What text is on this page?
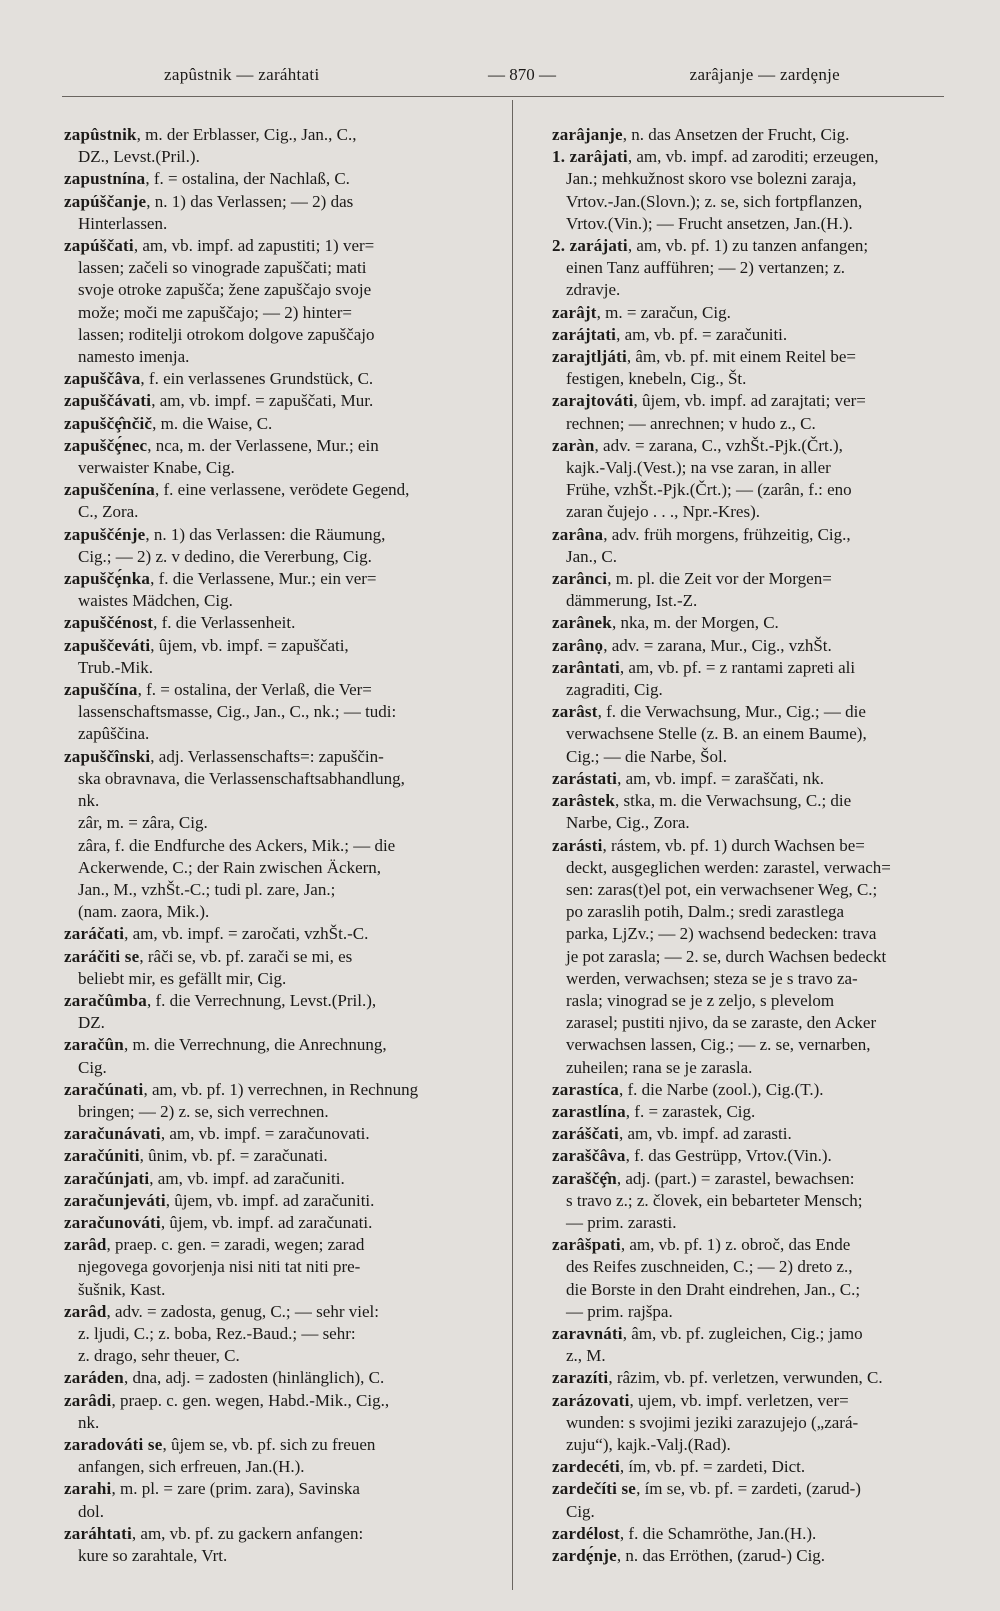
zapûstnik — zaráhtati	— 870 —	zarâjanje — zardȩnje
zapûstnik, m. der Erblasser, Cig., Jan., C.,
DZ., Levst.(Pril.).
zapustnína, f. = ostalina, der Nachlaß, C.
zapúščanje, n. 1) das Verlassen; — 2) das
Hinterlassen.
zapúščati, am, vb. impf. ad zapustiti; 1) ver=
lassen; začeli so vinograde zapuščati; mati
svoje otroke zapušča; žene zapuščajo svoje
može; moči me zapuščajo; — 2) hinter=
lassen; roditelji otrokom dolgove zapuščajo
namesto imenja.
zapuščâva, f. ein verlassenes Grundstück, C.
zapuščávati, am, vb. impf. = zapuščati, Mur.
zapuščȩ̂nčič, m. die Waise, C.
zapuščȩ́nec, nca, m. der Verlassene, Mur.; ein
verwaister Knabe, Cig.
zapuščenína, f. eine verlassene, verödete Gegend,
C., Zora.
zapuščénje, n. 1) das Verlassen: die Räumung,
Cig.; — 2) z. v dedino, die Vererbung, Cig.
zapuščȩ́nka, f. die Verlassene, Mur.; ein ver=
waistes Mädchen, Cig.
zapuščénost, f. die Verlassenheit.
zapuščeváti, ûjem, vb. impf. = zapuščati,
Trub.-Mik.
zapuščína, f. = ostalina, der Verlaß, die Ver=
lassenschaftsmasse, Cig., Jan., C., nk.; — tudi:
zapûščina.
zapuščînski, adj. Verlassenschafts=: zapuščin-
ska obravnava, die Verlassenschaftsabhandlung,
nk.
zâr, m. = zâra, Cig.
zâra, f. die Endfurche des Ackers, Mik.; — die
Ackerwende, C.; der Rain zwischen Äckern,
Jan., M., vzhŠt.-C.; tudi pl. zare, Jan.;
(nam. zaora, Mik.).
zaráčati, am, vb. impf. = zaročati, vzhŠt.-C.
zaráčiti se, râči se, vb. pf. zarači se mi, es
beliebt mir, es gefällt mir, Cig.
zaračûmba, f. die Verrechnung, Levst.(Pril.),
DZ.
zaračûn, m. die Verrechnung, die Anrechnung,
Cig.
zaračúnati, am, vb. pf. 1) verrechnen, in Rechnung
bringen; — 2) z. se, sich verrechnen.
zaračunávati, am, vb. impf. = zaračunovati.
zaračúniti, ûnim, vb. pf. = zaračunati.
zaračúnjati, am, vb. impf. ad zaračuniti.
zaračunjeváti, ûjem, vb. impf. ad zaračuniti.
zaračunováti, ûjem, vb. impf. ad zaračunati.
zarȃd, praep. c. gen. = zaradi, wegen; zarad
njegovega govorjenja nisi niti tat niti pre-
šušnik, Kast.
zarȃd, adv. = zadosta, genug, C.; — sehr viel:
z. ljudi, C.; z. boba, Rez.-Baud.; — sehr:
z. drago, sehr theuer, C.
zaráden, dna, adj. = zadosten (hinlänglich), C.
zarȃdi, praep. c. gen. wegen, Habd.-Mik., Cig.,
nk.
zaradováti se, ûjem se, vb. pf. sich zu freuen
anfangen, sich erfreuen, Jan.(H.).
zarahi, m. pl. = zare (prim. zara), Savinska
dol.
zaráhtati, am, vb. pf. zu gackern anfangen:
kure so zarahtale, Vrt.
zarâjanje, n. das Ansetzen der Frucht, Cig.
1. zarâjati, am, vb. impf. ad zaroditi; erzeugen,
Jan.; mehkužnost skoro vse bolezni zaraja,
Vrtov.-Jan.(Slovn.); z. se, sich fortpflanzen,
Vrtov.(Vin.); — Frucht ansetzen, Jan.(H.).
2. zarájati, am, vb. pf. 1) zu tanzen anfangen;
einen Tanz aufführen; — 2) vertanzen; z.
zdravje.
zarâjt, m. = zaračun, Cig.
zarájtati, am, vb. pf. = zaračuniti.
zarajtljáti, âm, vb. pf. mit einem Reitel be=
festigen, knebeln, Cig., Št.
zarajtováti, ûjem, vb. impf. ad zarajtati; ver=
rechnen; — anrechnen; v hudo z., C.
zaràn, adv. = zarana, C., vzhŠt.-Pjk.(Črt.),
kajk.-Valj.(Vest.); na vse zaran, in aller
Frühe, vzhŠt.-Pjk.(Črt.); — (zarân, f.: eno
zaran čujejo . . ., Npr.-Kres).
zarâna, adv. früh morgens, frühzeitig, Cig.,
Jan., C.
zarânci, m. pl. die Zeit vor der Morgen=
dämmerung, Ist.-Z.
zarânek, nka, m. der Morgen, C.
zarânọ, adv. = zarana, Mur., Cig., vzhŠt.
zarântati, am, vb. pf. = z rantami zapreti ali
zagraditi, Cig.
zarâst, f. die Verwachsung, Mur., Cig.; — die
verwachsene Stelle (z. B. an einem Baume),
Cig.; — die Narbe, Šol.
zarástati, am, vb. impf. = zaraščati, nk.
zarâstek, stka, m. die Verwachsung, C.; die
Narbe, Cig., Zora.
zarásti, rástem, vb. pf. 1) durch Wachsen be=
deckt, ausgeglichen werden: zarastel, verwach=
sen: zaras(t)el pot, ein verwachsener Weg, C.;
po zaraslih potih, Dalm.; sredi zarastlega
parka, LjZv.; — 2) wachsend bedecken: trava
je pot zarasla; — 2. se, durch Wachsen bedeckt
werden, verwachsen; steza se je s travo za-
rasla; vinograd se je z zeljo, s plevelom
zarasel; pustiti njivo, da se zaraste, den Acker
verwachsen lassen, Cig.; — z. se, vernarben,
zuheilen; rana se je zarasla.
zarastíca, f. die Narbe (zool.), Cig.(T.).
zarastlína, f. = zarastek, Cig.
zaráščati, am, vb. impf. ad zarasti.
zaraščâva, f. das Gestrüpp, Vrtov.(Vin.).
zaraščȩ̂n, adj. (part.) = zarastel, bewachsen:
s travo z.; z. človek, ein bebarteter Mensch;
— prim. zarasti.
zarâšpati, am, vb. pf. 1) z. obroč, das Ende
des Reifes zuschneiden, C.; — 2) dreto z.,
die Borste in den Draht eindrehen, Jan., C.;
— prim. rajšpa.
zaravnáti, âm, vb. pf. zugleichen, Cig.; jamo
z., M.
zarazíti, râzim, vb. pf. verletzen, verwunden, C.
zarázovati, ujem, vb. impf. verletzen, ver=
wunden: s svojimi jeziki zarazujejo („zará-
zuju“), kajk.-Valj.(Rad).
zardecéti, ím, vb. pf. = zardeti, Dict.
zardečíti se, ím se, vb. pf. = zardeti, (zarud-)
Cig.
zardélost, f. die Schamröthe, Jan.(H.).
zardȩ́nje, n. das Erröthen, (zarud-) Cig.
